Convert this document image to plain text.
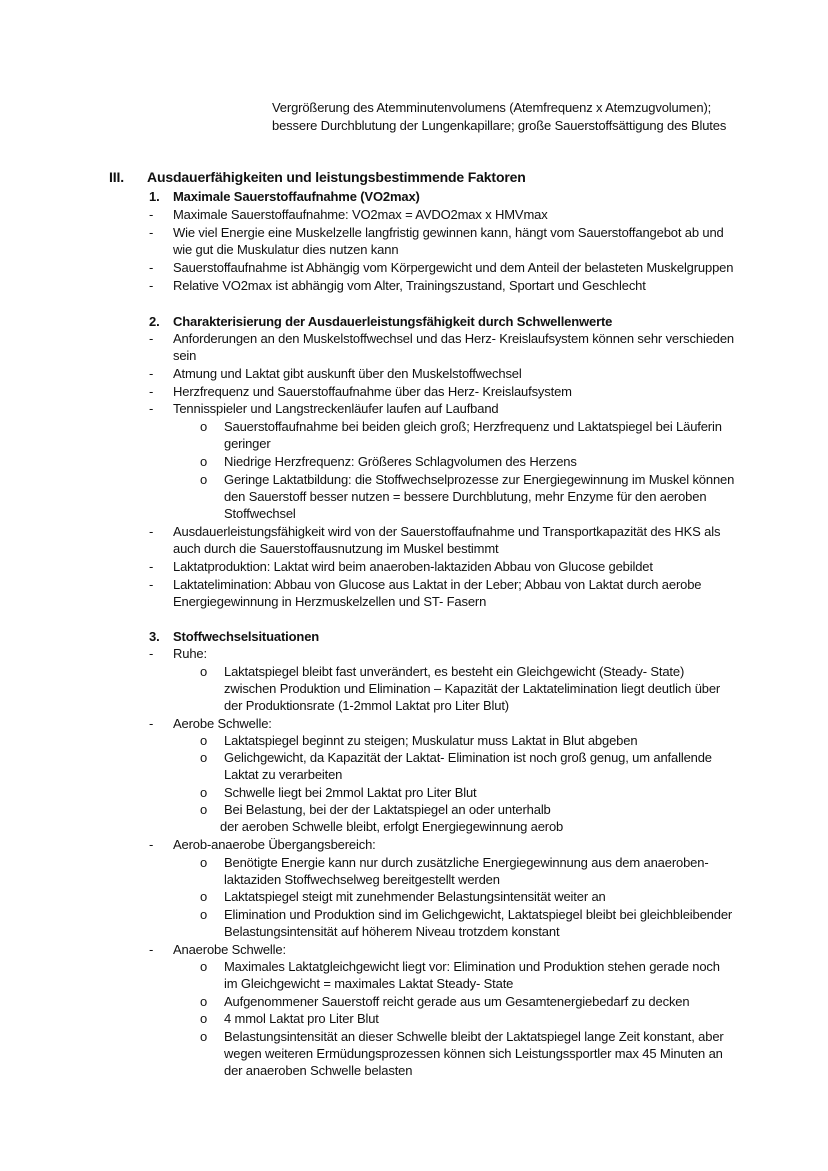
Vergrößerung des Atemminutenvolumens (Atemfrequenz x Atemzugvolumen);
bessere Durchblutung der Lungenkapillare; große Sauerstoffsättigung des Blutes
III. Ausdauerfähigkeiten und leistungsbestimmende Faktoren
1. Maximale Sauerstoffaufnahme (VO2max)
- Maximale Sauerstoffaufnahme: VO2max = AVDO2max x HMVmax
- Wie viel Energie eine Muskelzelle langfristig gewinnen kann, hängt vom Sauerstoffangebot ab und
wie gut die Muskulatur dies nutzen kann
- Sauerstoffaufnahme ist Abhängig vom Körpergewicht und dem Anteil der belasteten Muskelgruppen
- Relative VO2max ist abhängig vom Alter, Trainingszustand, Sportart und Geschlecht
2. Charakterisierung der Ausdauerleistungsfähigkeit durch Schwellenwerte
- Anforderungen an den Muskelstoffwechsel und das Herz- Kreislaufsystem können sehr verschieden
sein
- Atmung und Laktat gibt auskunft über den Muskelstoffwechsel
- Herzfrequenz und Sauerstoffaufnahme über das Herz- Kreislaufsystem
- Tennisspieler und Langstreckenläufer laufen auf Laufband
o Sauerstoffaufnahme bei beiden gleich groß; Herzfrequenz und Laktatspiegel bei Läuferin
geringer
o Niedrige Herzfrequenz: Größeres Schlagvolumen des Herzens
o Geringe Laktatbildung: die Stoffwechselprozesse zur Energiegewinnung im Muskel können
den Sauerstoff besser nutzen = bessere Durchblutung, mehr Enzyme für den aeroben
Stoffwechsel
- Ausdauerleistungsfähigkeit wird von der Sauerstoffaufnahme und Transportkapazität des HKS als
auch durch die Sauerstoffausnutzung im Muskel bestimmt
- Laktatproduktion: Laktat wird beim anaeroben-laktaziden Abbau von Glucose gebildet
- Laktatelimination: Abbau von Glucose aus Laktat in der Leber; Abbau von Laktat durch aerobe
Energiegewinnung in Herzmuskelzellen und ST- Fasern
3. Stoffwechselsituationen
- Ruhe:
o Laktatspiegel bleibt fast unverändert, es besteht ein Gleichgewicht (Steady- State)
zwischen Produktion und Elimination – Kapazität der Laktatelimination liegt deutlich über
der Produktionsrate (1-2mmol Laktat pro Liter Blut)
- Aerobe Schwelle:
o Laktatspiegel beginnt zu steigen; Muskulatur muss Laktat in Blut abgeben
o Gelichgewicht, da Kapazität der Laktat- Elimination ist noch groß genug, um anfallende
Laktat zu verarbeiten
o Schwelle liegt bei 2mmol Laktat pro Liter Blut
o Bei Belastung, bei der der Laktatspiegel an oder unterhalb
der aeroben Schwelle bleibt, erfolgt Energiegewinnung aerob
- Aerob-anaerobe Übergangsbereich:
o Benötigte Energie kann nur durch zusätzliche Energiegewinnung aus dem anaeroben-
laktaziden Stoffwechselweg bereitgestellt werden
o Laktatspiegel steigt mit zunehmender Belastungsintensität weiter an
o Elimination und Produktion sind im Gelichgewicht, Laktatspiegel bleibt bei gleichbleibender
Belastungsintensität auf höherem Niveau trotzdem konstant
- Anaerobe Schwelle:
o Maximales Laktatgleichgewicht liegt vor: Elimination und Produktion stehen gerade noch
im Gleichgewicht = maximales Laktat Steady- State
o Aufgenommener Sauerstoff reicht gerade aus um Gesamtenergiebedarf zu decken
o 4 mmol Laktat pro Liter Blut
o Belastungsintensität an dieser Schwelle bleibt der Laktatspiegel lange Zeit konstant, aber
wegen weiteren Ermüdungsprozessen können sich Leistungssportler max 45 Minuten an
der anaeroben Schwelle belasten
